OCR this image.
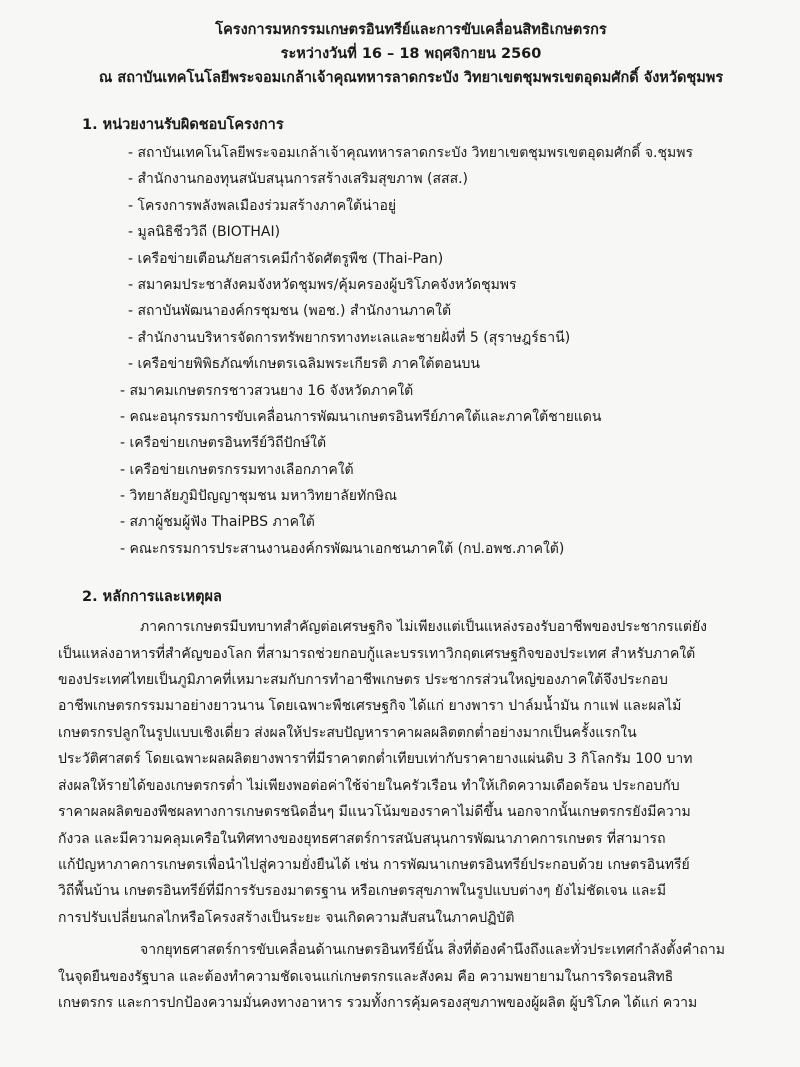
โครงการมหกรรมเกษตรอินทรีย์และการขับเคลื่อนสิทธิเกษตรกร
ระหว่างวันที่ 16 – 18 พฤศจิกายน 2560
ณ สถาบันเทคโนโลยีพระจอมเกล้าเจ้าคุณทหารลาดกระบัง วิทยาเขตชุมพรเขตอุดมศักดิ์ จังหวัดชุมพร
1. หน่วยงานรับผิดชอบโครงการ
- สถาบันเทคโนโลยีพระจอมเกล้าเจ้าคุณทหารลาดกระบัง วิทยาเขตชุมพรเขตอุดมศักดิ์ จ.ชุมพร
- สำนักงานกองทุนสนับสนุนการสร้างเสริมสุขภาพ (สสส.)
- โครงการพลังพลเมืองร่วมสร้างภาคใต้น่าอยู่
- มูลนิธิชีววิถี (BIOTHAI)
- เครือข่ายเตือนภัยสารเคมีกำจัดศัตรูพืช (Thai-Pan)
- สมาคมประชาสังคมจังหวัดชุมพร/คุ้มครองผู้บริโภคจังหวัดชุมพร
- สถาบันพัฒนาองค์กรชุมชน (พอช.) สำนักงานภาคใต้
- สำนักงานบริหารจัดการทรัพยากรทางทะเลและชายฝั่งที่ 5 (สุราษฎร์ธานี)
- เครือข่ายพิพิธภัณฑ์เกษตรเฉลิมพระเกียรติ ภาคใต้ตอนบน
- สมาคมเกษตรกรชาวสวนยาง 16 จังหวัดภาคใต้
- คณะอนุกรรมการขับเคลื่อนการพัฒนาเกษตรอินทรีย์ภาคใต้และภาคใต้ชายแดน
- เครือข่ายเกษตรอินทรีย์วิถีปักษ์ใต้
- เครือข่ายเกษตรกรรมทางเลือกภาคใต้
- วิทยาลัยภูมิปัญญาชุมชน มหาวิทยาลัยทักษิณ
- สภาผู้ชมผู้ฟัง ThaiPBS ภาคใต้
- คณะกรรมการประสานงานองค์กรพัฒนาเอกชนภาคใต้ (กป.อพช.ภาคใต้)
2. หลักการและเหตุผล
ภาคการเกษตรมีบทบาทสำคัญต่อเศรษฐกิจ ไม่เพียงแต่เป็นแหล่งรองรับอาชีพของประชากรแต่ยัง
เป็นแหล่งอาหารที่สำคัญของโลก ที่สามารถช่วยกอบกู้และบรรเทาวิกฤตเศรษฐกิจของประเทศ สำหรับภาคใต้
ของประเทศไทยเป็นภูมิภาคที่เหมาะสมกับการทำอาชีพเกษตร ประชากรส่วนใหญ่ของภาคใต้จึงประกอบ
อาชีพเกษตรกรรมมาอย่างยาวนาน โดยเฉพาะพืชเศรษฐกิจ ได้แก่ ยางพารา ปาล์มน้ำมัน กาแฟ และผลไม้
เกษตรกรปลูกในรูปแบบเชิงเดี่ยว ส่งผลให้ประสบปัญหาราคาผลผลิตตกต่ำอย่างมากเป็นครั้งแรกใน
ประวัติศาสตร์ โดยเฉพาะผลผลิตยางพาราที่มีราคาตกต่ำเทียบเท่ากับราคายางแผ่นดิบ 3 กิโลกรัม 100 บาท
ส่งผลให้รายได้ของเกษตรกรต่ำ ไม่เพียงพอต่อค่าใช้จ่ายในครัวเรือน ทำให้เกิดความเดือดร้อน ประกอบกับ
ราคาผลผลิตของพืชผลทางการเกษตรชนิดอื่นๆ มีแนวโน้มของราคาไม่ดีขึ้น นอกจากนั้นเกษตรกรยังมีความ
กังวล และมีความคลุมเครือในทิศทางของยุทธศาสตร์การสนับสนุนการพัฒนาภาคการเกษตร ที่สามารถ
แก้ปัญหาภาคการเกษตรเพื่อนำไปสู่ความยั่งยืนได้ เช่น การพัฒนาเกษตรอินทรีย์ประกอบด้วย เกษตรอินทรีย์
วิถีพื้นบ้าน เกษตรอินทรีย์ที่มีการรับรองมาตรฐาน หรือเกษตรสุขภาพในรูปแบบต่างๆ ยังไม่ชัดเจน และมี
การปรับเปลี่ยนกลไกหรือโครงสร้างเป็นระยะ จนเกิดความสับสนในภาคปฏิบัติ
จากยุทธศาสตร์การขับเคลื่อนด้านเกษตรอินทรีย์นั้น สิ่งที่ต้องคำนึงถึงและทั่วประเทศกำลังตั้งคำถาม
ในจุดยืนของรัฐบาล และต้องทำความชัดเจนแก่เกษตรกรและสังคม คือ ความพยายามในการริดรอนสิทธิ
เกษตรกร และการปกป้องความมั่นคงทางอาหาร รวมทั้งการคุ้มครองสุขภาพของผู้ผลิต ผู้บริโภค ได้แก่ ความ
